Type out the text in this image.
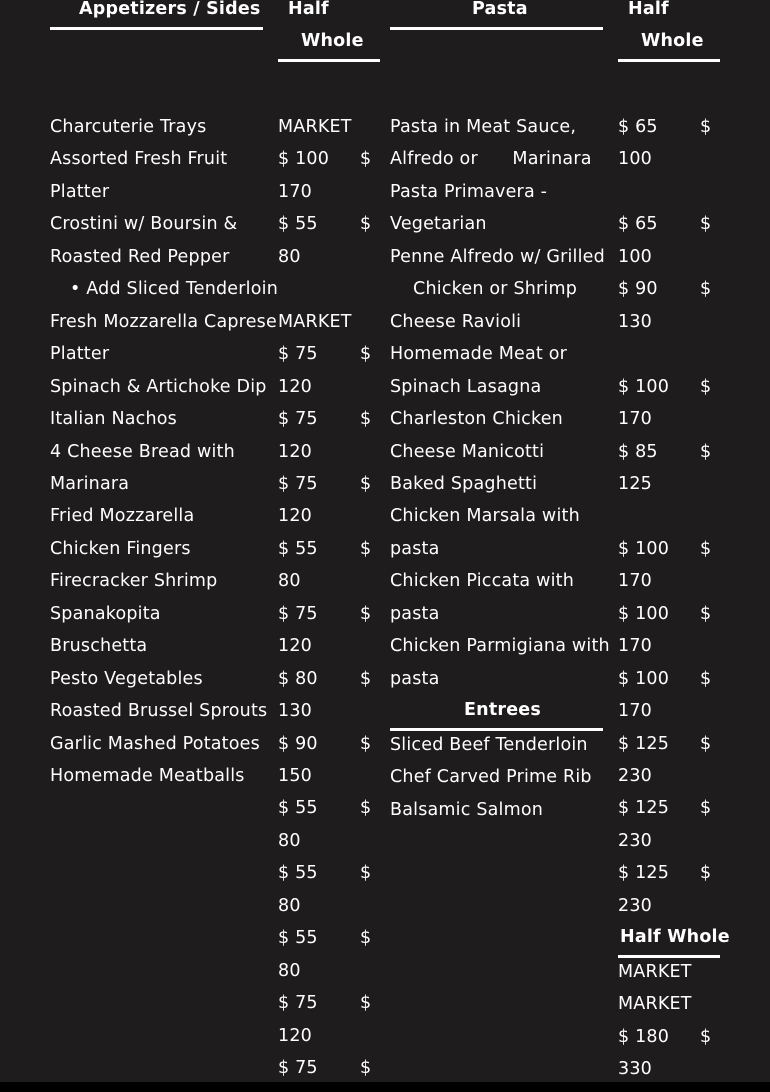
Appetizers / Sides Half
Whole
Pasta	Half
Whole
Charcuterie Trays
Assorted Fresh Fruit
Platter
Crostini w/ Boursin &
Roasted Red Pepper
• Add Sliced Tenderloin
Fresh Mozzarella Caprese
Platter
Spinach & Artichoke Dip
Italian Nachos
4 Cheese Bread with
Marinara
Fried Mozzarella
Chicken Fingers
Firecracker Shrimp
Spanakopita
Bruschetta
Pesto Vegetables
Roasted Brussel Sprouts
Garlic Mashed Potatoes
Homemade Meatballs
MARKET
$ 100 $
170
$ 55 $
80
MARKET
$ 75 $
120
$ 75 $
120
$ 75 $
120
$ 55 $
80
$ 75 $
120
$ 80 $
130
$ 90 $
150
$ 55 $
80
$ 55 $
80
$ 55 $
80
$ 75 $
120
$ 75 $
Pasta in Meat Sauce,
Alfredo or      Marinara
Pasta Primavera -
Vegetarian
Penne Alfredo w/ Grilled
Chicken or Shrimp
Cheese Ravioli
Homemade Meat or
Spinach Lasagna
Charleston Chicken
Cheese Manicotti
Baked Spaghetti
Chicken Marsala with
pasta
Chicken Piccata with
pasta
Chicken Parmigiana with
pasta
Entrees
Sliced Beef Tenderloin
Chef Carved Prime Rib
Balsamic Salmon
$ 65 $
100
$ 65 $
100
$ 90 $
130
$ 100 $
170
$ 85 $
125
$ 100 $
170
$ 100 $
170
$ 100 $
170
$ 125 $
230
$ 125 $
230
$ 125 $
230
Half Whole
MARKET
MARKET
$ 180 $
330
